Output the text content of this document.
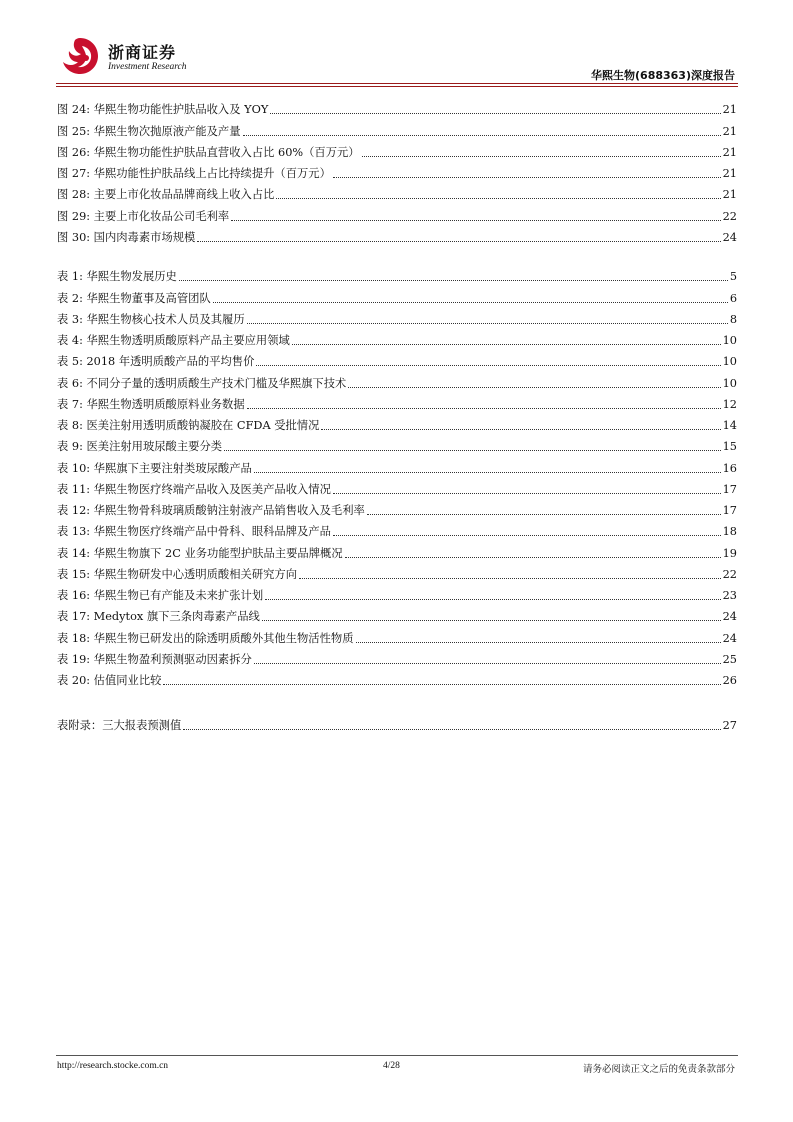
浙商证券
Investment Research
华熙生物(688363)深度报告
图 24: 华熙生物功能性护肤品收入及 YOY	21
图 25: 华熙生物次抛原液产能及产量	21
图 26: 华熙生物功能性护肤品直营收入占比 60%（百万元）	21
图 27: 华熙功能性护肤品线上占比持续提升（百万元）	21
图 28: 主要上市化妆品品牌商线上收入占比	21
图 29: 主要上市化妆品公司毛利率	22
图 30: 国内肉毒素市场规模	24
表 1: 华熙生物发展历史	5
表 2: 华熙生物董事及高管团队	6
表 3: 华熙生物核心技术人员及其履历	8
表 4: 华熙生物透明质酸原料产品主要应用领域	10
表 5: 2018 年透明质酸产品的平均售价	10
表 6: 不同分子量的透明质酸生产技术门槛及华熙旗下技术	10
表 7: 华熙生物透明质酸原料业务数据	12
表 8: 医美注射用透明质酸钠凝胶在 CFDA 受批情况	14
表 9: 医美注射用玻尿酸主要分类	15
表 10: 华熙旗下主要注射类玻尿酸产品	16
表 11: 华熙生物医疗终端产品收入及医美产品收入情况	17
表 12: 华熙生物骨科玻璃质酸钠注射液产品销售收入及毛利率	17
表 13: 华熙生物医疗终端产品中骨科、眼科品牌及产品	18
表 14: 华熙生物旗下 2C 业务功能型护肤品主要品牌概况	19
表 15: 华熙生物研发中心透明质酸相关研究方向	22
表 16: 华熙生物已有产能及未来扩张计划	23
表 17: Medytox 旗下三条肉毒素产品线	24
表 18: 华熙生物已研发出的除透明质酸外其他生物活性物质	24
表 19: 华熙生物盈利预测驱动因素拆分	25
表 20: 估值同业比较	26
表附录：三大报表预测值	27
http://research.stocke.com.cn	4/28	请务必阅读正文之后的免责条款部分
